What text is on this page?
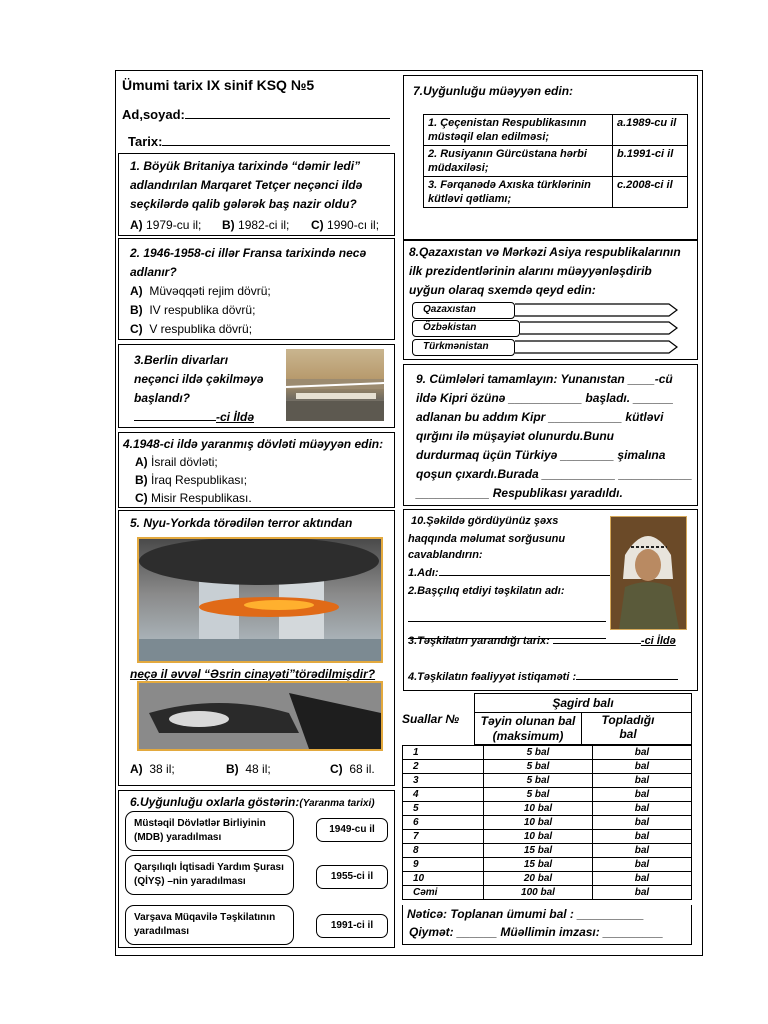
Ümumi tarix IX sinif KSQ №5
Ad,soyad:
Tarix:
1. Böyük Britaniya tarixində “dəmir ledi”
adlandırılan Marqaret Tetçer neçənci ildə
seçkilərdə qalib gələrək baş nazir oldu?
A) 1979-cu il; B) 1982-ci il; C) 1990-cı il;
2. 1946-1958-ci illər Fransa tarixində necə
adlanır?
A) Müvəqqəti rejim dövrü;
B) IV respublika dövrü;
C) V respublika dövrü;
3.Berlin divarları
neçənci ildə çəkilməyə
başlandı?
-ci İldə
4.1948-ci ildə yaranmış dövləti müəyyən edin:
A) İsrail dövləti;
B) İraq Respublikası;
C) Misir Respublikası.
5. Nyu-Yorkda törədilən terror aktından
neçə il əvvəl “Əsrin cinayəti”törədilmişdir?
A) 38 il;	B) 48 il;	C) 68 il.
6.Uyğunluğu oxlarla göstərin:(Yaranma tarixi)
Müstəqil Dövlətlər Birliyinin (MDB) yaradılması
Qarşılıqlı İqtisadi Yardım Şurası (QİYŞ) –nin yaradılması
Varşava Müqavilə Təşkilatının yaradılması
1949-cu il
1955-ci il
1991-ci il
7.Uyğunluğu müəyyən edin:
1. Çeçenistan Respublikasının müstəqil elan edilməsi;	a.1989-cu il
2. Rusiyanın Gürcüstana hərbi müdaxiləsi;	b.1991-ci il
3. Fərqanədə Axıska türklərinin kütləvi qətliamı;	c.2008-ci il
8.Qazaxıstan və Mərkəzi Asiya respublikalarının
ilk prezidentlərinin alarını müəyyənləşdirib
uyğun olaraq sxemdə qeyd edin:
Qazaxıstan
Özbəkistan
Türkmənistan
9. Cümlələri tamamlayın: Yunanıstan ____-cü
ildə Kipri özünə ___________ başladı. ______
adlanan bu addım Kipr ___________ kütləvi
qırğını ilə müşayiət olunurdu.Bunu
durdurmaq üçün Türkiyə ________ şimalına
qoşun çıxardı.Burada ___________ ___________
___________ Respublikası yaradıldı.
10.Şəkildə gördüyünüz şəxs
haqqında məlumat sorğusunu
cavablandırın:
1.Adı:
2.Başçılıq etdiyi təşkilatın adı:
3.Təşkilatın yarandığı tarix:	-ci İldə
4.Təşkilatın fəaliyyət istiqaməti :
Suallar №
Şagird balı
Təyin olunan bal (maksimum)
Topladığı bal
1	5 bal	bal
2	5 bal	bal
3	5 bal	bal
4	5 bal	bal
5	10 bal	bal
6	10 bal	bal
7	10 bal	bal
8	15 bal	bal
9	15 bal	bal
10	20 bal	bal
Cəmi	100 bal	bal
Nəticə: Toplanan ümumi bal : __________
Qiymət: ______ Müəllimin imzası: _________
